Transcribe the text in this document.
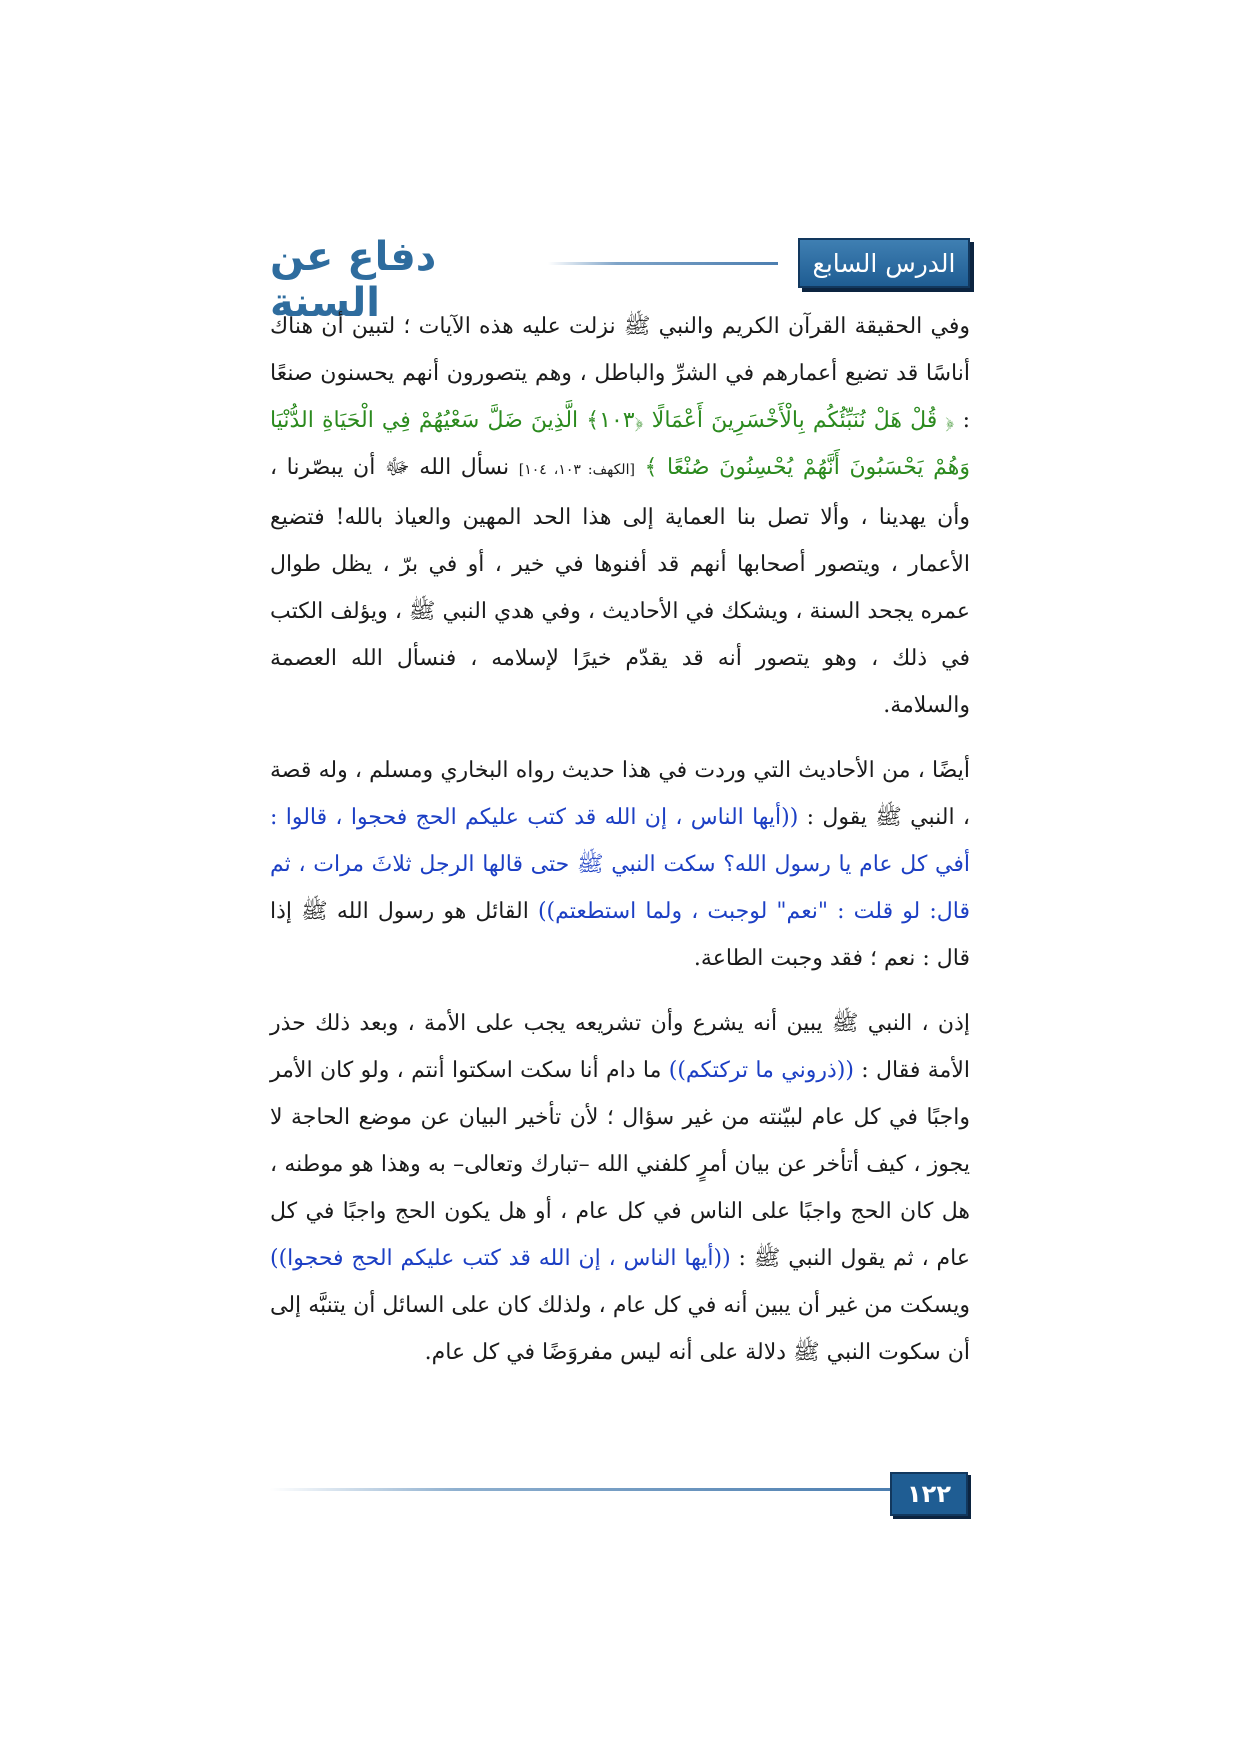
الدرس السابع
دفاع عن السنة

وفي الحقيقة القرآن الكريم والنبي ﷺ نزلت عليه هذه الآيات ؛ لتبين أن هناك أناسًا قد تضيع أعمارهم في الشرِّ والباطل ، وهم يتصورون أنهم يحسنون صنعًا : ﴿ قُلْ هَلْ نُنَبِّئُكُم بِالْأَخْسَرِينَ أَعْمَالًا ﴿١٠٣﴾ الَّذِينَ ضَلَّ سَعْيُهُمْ فِي الْحَيَاةِ الدُّنْيَا وَهُمْ يَحْسَبُونَ أَنَّهُمْ يُحْسِنُونَ صُنْعًا ﴾ [الكهف: ١٠٣، ١٠٤] نسأل الله ﷻ أن يبصّرنا ، وأن يهدينا ، وألا تصل بنا العماية إلى هذا الحد المهين والعياذ بالله! فتضيع الأعمار ، ويتصور أصحابها أنهم قد أفنوها في خير ، أو في برّ ، يظل طوال عمره يجحد السنة ، ويشكك في الأحاديث ، وفي هدي النبي ﷺ ، ويؤلف الكتب في ذلك ، وهو يتصور أنه قد يقدّم خيرًا لإسلامه ، فنسأل الله العصمة والسلامة.

أيضًا ، من الأحاديث التي وردت في هذا حديث رواه البخاري ومسلم ، وله قصة ، النبي ﷺ يقول : ((أيها الناس ، إن الله قد كتب عليكم الحج فحجوا ، قالوا : أفي كل عام يا رسول الله؟ سكت النبي ﷺ حتى قالها الرجل ثلاثَ مرات ، ثم قال: لو قلت : "نعم" لوجبت ، ولما استطعتم)) القائل هو رسول الله ﷺ إذا قال : نعم ؛ فقد وجبت الطاعة.

إذن ، النبي ﷺ يبين أنه يشرع وأن تشريعه يجب على الأمة ، وبعد ذلك حذر الأمة فقال : ((ذروني ما تركتكم)) ما دام أنا سكت اسكتوا أنتم ، ولو كان الأمر واجبًا في كل عام لبيّنته من غير سؤال ؛ لأن تأخير البيان عن موضع الحاجة لا يجوز ، كيف أتأخر عن بيان أمرٍ كلفني الله –تبارك وتعالى– به وهذا هو موطنه ، هل كان الحج واجبًا على الناس في كل عام ، أو هل يكون الحج واجبًا في كل عام ، ثم يقول النبي ﷺ : ((أيها الناس ، إن الله قد كتب عليكم الحج فحجوا)) ويسكت من غير أن يبين أنه في كل عام ، ولذلك كان على السائل أن يتنبَّه إلى أن سكوت النبي ﷺ دلالة على أنه ليس مفروَضًا في كل عام.

١٢٢
